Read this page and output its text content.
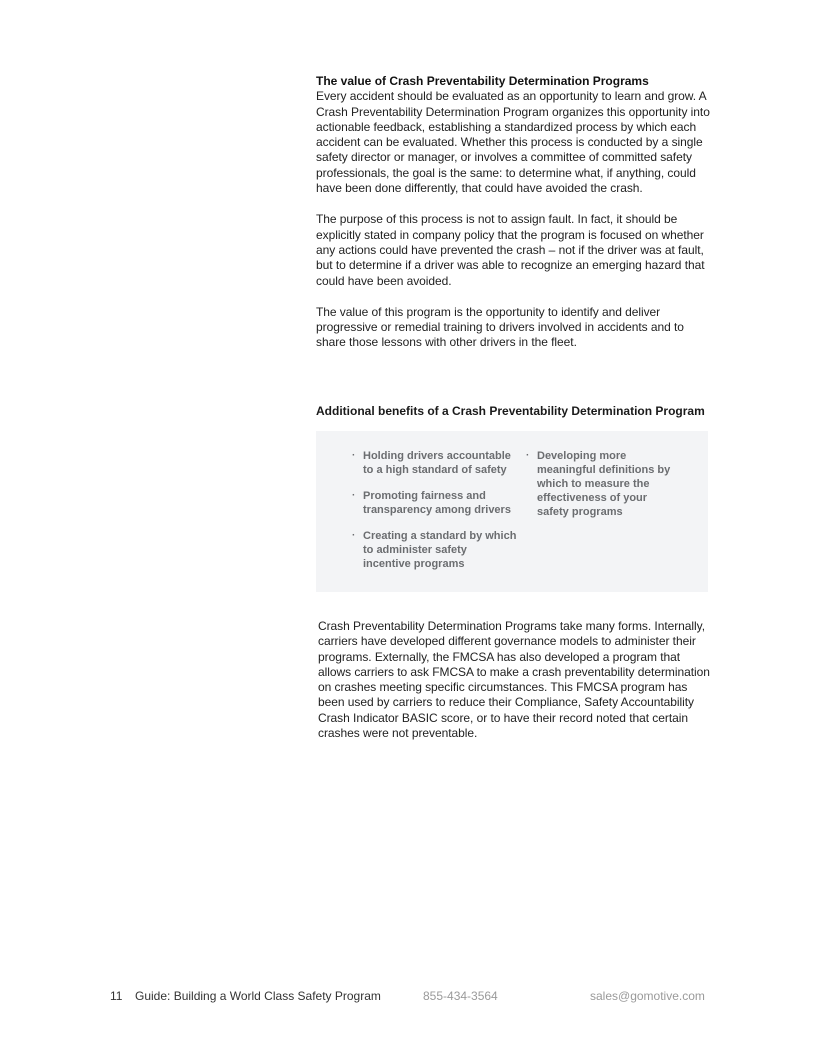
The value of Crash Preventability Determination Programs

Every accident should be evaluated as an opportunity to learn and grow. A Crash Preventability Determination Program organizes this opportunity into actionable feedback, establishing a standardized process by which each accident can be evaluated. Whether this process is conducted by a single safety director or manager, or involves a committee of committed safety professionals, the goal is the same: to determine what, if anything, could have been done differently, that could have avoided the crash.

The purpose of this process is not to assign fault. In fact, it should be explicitly stated in company policy that the program is focused on whether any actions could have prevented the crash – not if the driver was at fault, but to determine if a driver was able to recognize an emerging hazard that could have been avoided.

The value of this program is the opportunity to identify and deliver progressive or remedial training to drivers involved in accidents and to share those lessons with other drivers in the fleet.

Additional benefits of a Crash Preventability Determination Program
· Holding drivers accountable to a high standard of safety
· Promoting fairness and transparency among drivers
· Creating a standard by which to administer safety incentive programs
· Developing more meaningful definitions by which to measure the effectiveness of your safety programs

Crash Preventability Determination Programs take many forms. Internally, carriers have developed different governance models to administer their programs. Externally, the FMCSA has also developed a program that allows carriers to ask FMCSA to make a crash preventability determination on crashes meeting specific circumstances. This FMCSA program has been used by carriers to reduce their Compliance, Safety Accountability Crash Indicator BASIC score, or to have their record noted that certain crashes were not preventable.

11 Guide: Building a World Class Safety Program	855-434-3564	sales@gomotive.com
